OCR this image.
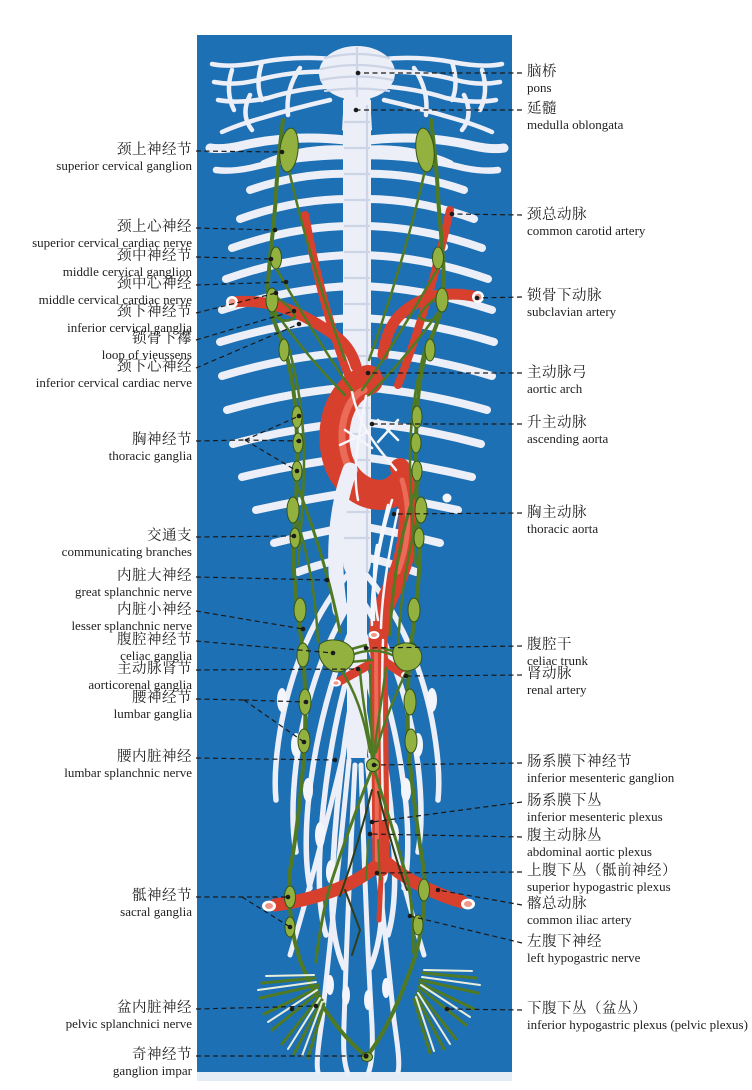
颈上神经节
superior cervical ganglion
颈上心神经
superior cervical cardiac nerve
颈中神经节
middle cervical ganglion
颈中心神经
middle cervical cardiac nerve
颈下神经节
inferior cervical ganglia
锁骨下襻
loop of vieussens
颈下心神经
inferior cervical cardiac nerve
胸神经节
thoracic ganglia
交通支
communicating branches
内脏大神经
great splanchnic nerve
内脏小神经
lesser splanchnic nerve
腹腔神经节
celiac ganglia
主动脉肾节
aorticorenal ganglia
腰神经节
lumbar ganglia
腰内脏神经
lumbar splanchnic nerve
骶神经节
sacral ganglia
盆内脏神经
pelvic splanchnici nerve
奇神经节
ganglion impar
脑桥
pons
延髓
medulla oblongata
颈总动脉
common carotid artery
锁骨下动脉
subclavian artery
主动脉弓
aortic arch
升主动脉
ascending aorta
胸主动脉
thoracic aorta
腹腔干
celiac trunk
肾动脉
renal artery
肠系膜下神经节
inferior mesenteric ganglion
肠系膜下丛
inferior mesenteric plexus
腹主动脉丛
abdominal aortic plexus
上腹下丛（骶前神经）
superior hypogastric plexus
髂总动脉
common iliac artery
左腹下神经
left hypogastric nerve
下腹下丛（盆丛）
inferior hypogastric plexus (pelvic plexus)
